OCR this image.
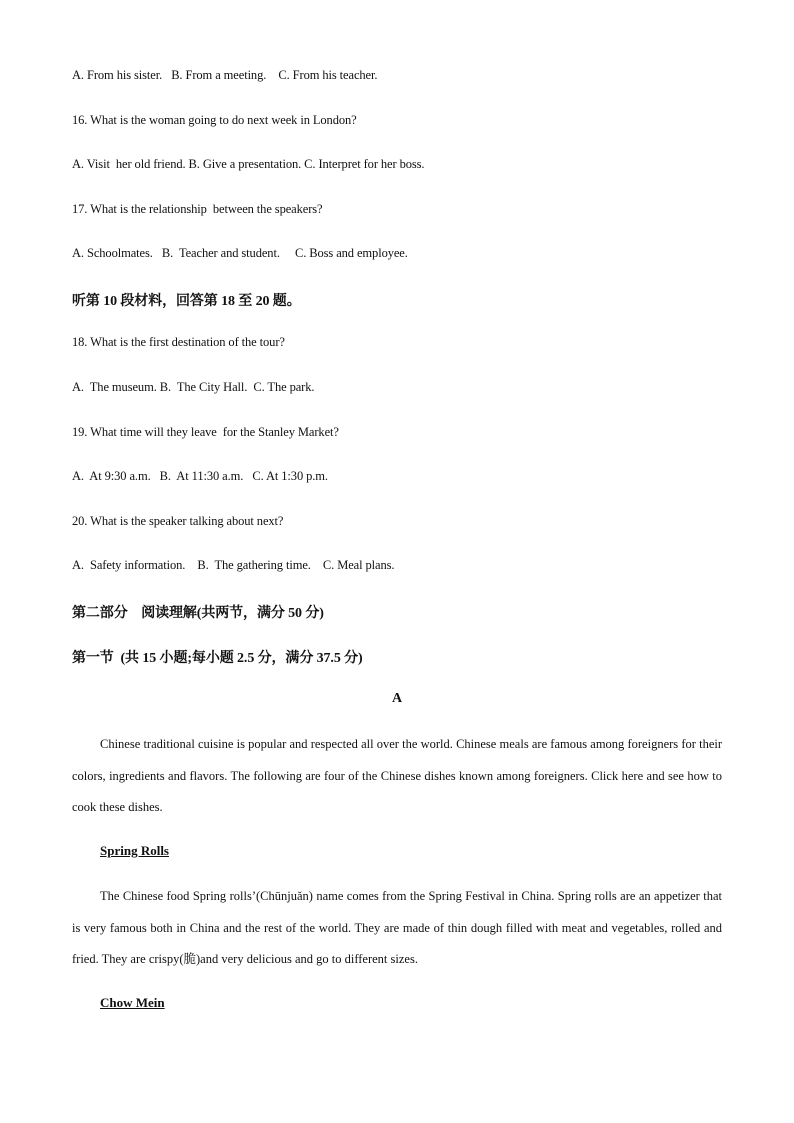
A. From his sister.   B. From a meeting.    C. From his teacher.
16. What is the woman going to do next week in London?
A. Visit  her old friend. B. Give a presentation. C. Interpret for her boss.
17. What is the relationship  between the speakers?
A. Schoolmates.   B.  Teacher and student.     C. Boss and employee.
听第 10 段材料，回答第 18 至 20 题。
18. What is the first destination of the tour?
A.  The museum. B.  The City Hall.  C. The park.
19. What time will they leave  for the Stanley Market?
A.  At 9:30 a.m.   B.  At 11:30 a.m.   C. At 1:30 p.m.
20. What is the speaker talking about next?
A.  Safety information.    B.  The gathering time.    C. Meal plans.
第二部分    阅读理解(共两节，满分 50 分)
第一节  (共 15 小题;每小题 2.5 分，满分 37.5 分)
A
Chinese traditional cuisine is popular and respected all over the world. Chinese meals are famous among foreigners for their colors, ingredients and flavors. The following are four of the Chinese dishes known among foreigners. Click here and see how to cook these dishes.
Spring Rolls
The Chinese food Spring rolls’(Chūnjuǎn) name comes from the Spring Festival in China. Spring rolls are an appetizer that is very famous both in China and the rest of the world. They are made of thin dough filled with meat and vegetables, rolled and fried. They are crispy(脆)and very delicious and go to different sizes.
Chow Mein
